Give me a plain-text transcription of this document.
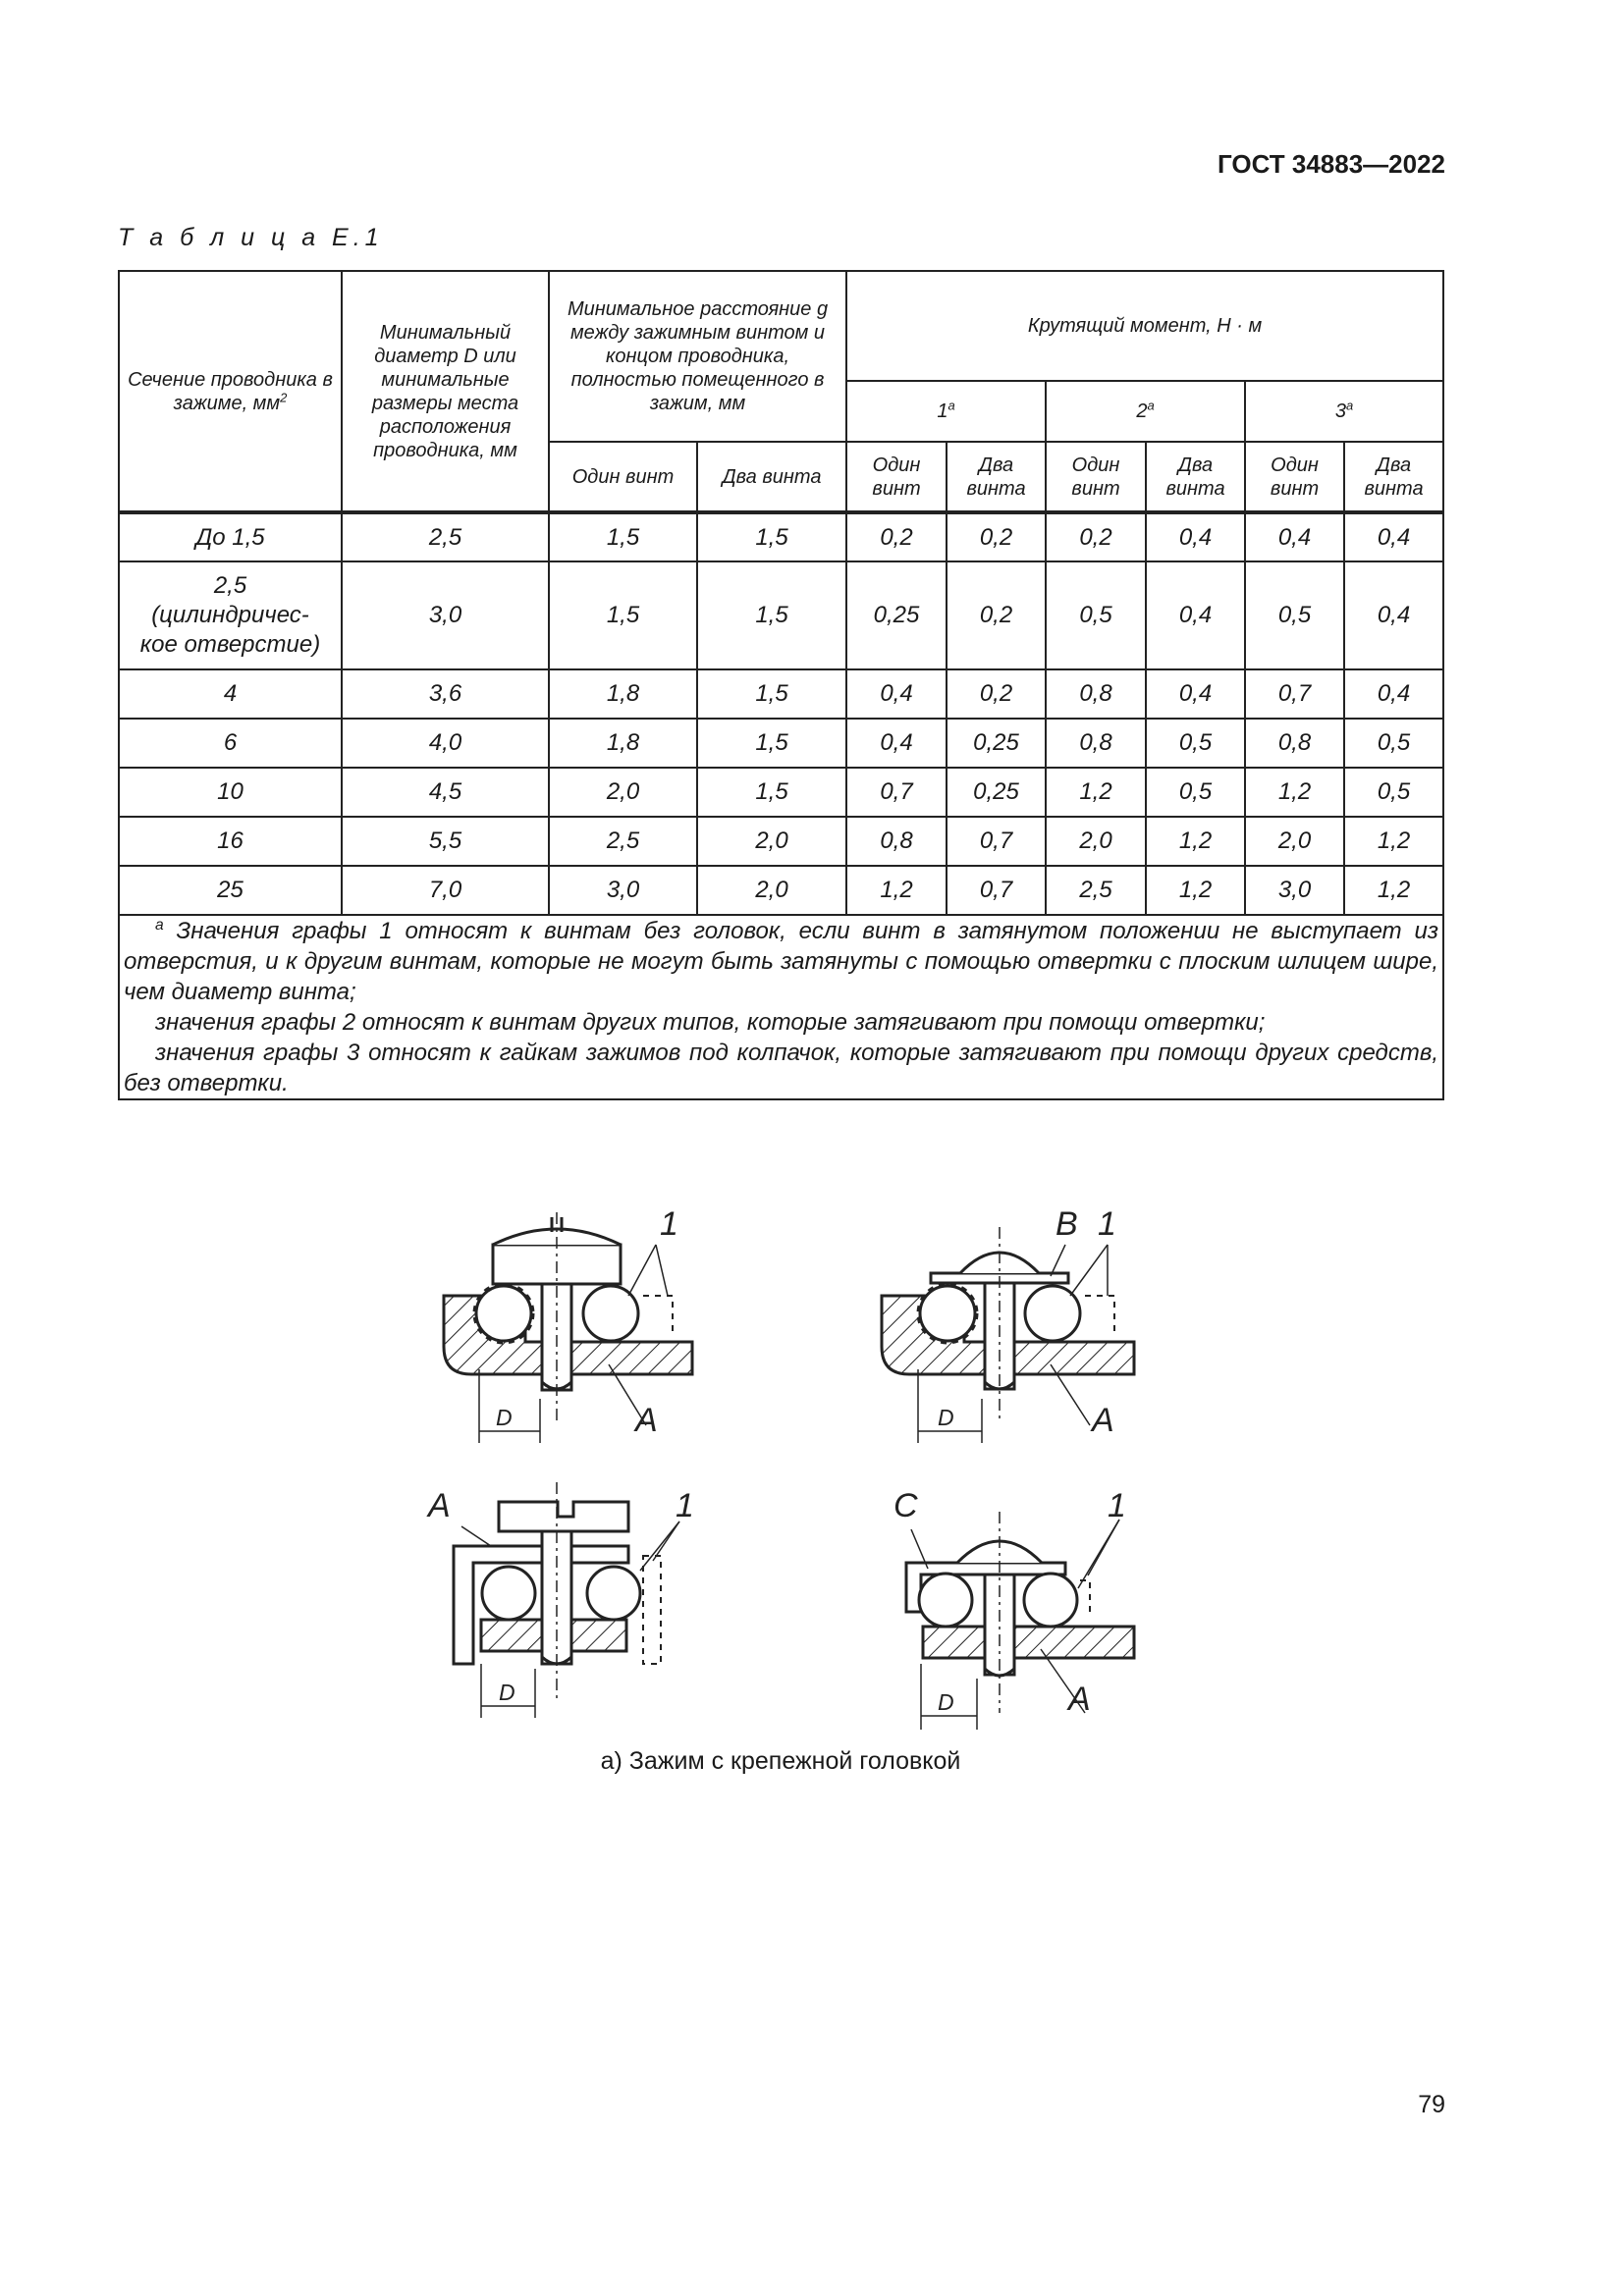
ГОСТ 34883—2022
Т а б л и ц а Е.1
Сечение проводника в зажиме, $мм^2$	Минимальный диаметр D или минимальные размеры места расположения проводника, мм	Минимальное расстояние g между зажимным винтом и концом проводника, полностью помещенного в зажим, мм		Крутящий момент, Н · м					
				$1^а$		$2^а$		$3^а$
		Один винт	Два винта	Один винт	Два винта	Один винт	Два винта	Один винт	Два винта
До 1,5	2,5	1,5	1,5	0,2	0,2	0,2	0,4	0,4	0,4

2,5
(цилиндричес-
кое отверстие)	3,0	1,5	1,5	0,25	0,2	0,5	0,4	0,5	0,4
4	3,6	1,8	1,5	0,4	0,2	0,8	0,4	0,7	0,4
6	4,0	1,8	1,5	0,4	0,25	0,8	0,5	0,8	0,5
10	4,5	2,0	1,5	0,7	0,25	1,2	0,5	1,2	0,5
16	5,5	2,5	2,0	0,8	0,7	2,0	1,2	2,0	1,2
25	7,0	3,0	2,0	1,2	0,7	2,5	1,2	3,0	1,2

$^а$ Значения графы 1 относят к винтам без головок, если винт в затянутом положении не выступает из отверстия, и к другим винтам, которые не могут быть затянуты с помощью отвертки с плоским шлицем шире, чем диаметр винта;

значения графы 2 относят к винтам других типов, которые затягивают при помощи отвертки;

значения графы 3 относят к гайкам зажимов под колпачок, которые затягивают при помощи других средств, без отвертки.									

1
A
D
B 1
A
D
A	1
D
C	1
A
D
а) Зажим с крепежной головкой
79
